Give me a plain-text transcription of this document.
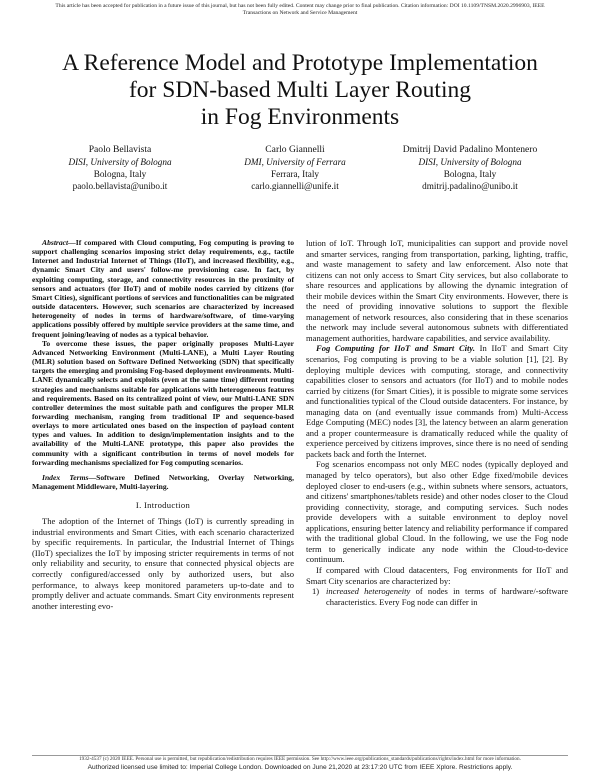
This article has been accepted for publication in a future issue of this journal, but has not been fully edited. Content may change prior to final publication. Citation information: DOI 10.1109/TNSM.2020.2996903, IEEE
Transactions on Network and Service Management
A Reference Model and Prototype Implementation
for SDN-based Multi Layer Routing
in Fog Environments
Paolo Bellavista
DISI, University of Bologna
Bologna, Italy
paolo.bellavista@unibo.it
Carlo Giannelli
DMI, University of Ferrara
Ferrara, Italy
carlo.giannelli@unife.it
Dmitrij David Padalino Montenero
DISI, University of Bologna
Bologna, Italy
dmitrij.padalino@unibo.it

Abstract—If compared with Cloud computing, Fog computing is proving to support challenging scenarios imposing strict delay requirements, e.g., tactile Internet and Industrial Internet of Things (IIoT), and increased flexibility, e.g., dynamic Smart City and users' follow-me provisioning case. In fact, by exploiting computing, storage, and connectivity resources in the proximity of sensors and actuators (for IIoT) and of mobile nodes carried by citizens (for Smart Cities), significant portions of services and functionalities can be migrated outside datacenters. However, such scenarios are characterized by increased heterogeneity of nodes in terms of hardware/software, of time-varying applications possibly offered by multiple service providers at the same time, and frequent joining/leaving of nodes as a typical behavior.

To overcome these issues, the paper originally proposes Multi-Layer Advanced Networking Environment (Multi-LANE), a Multi Layer Routing (MLR) solution based on Software Defined Networking (SDN) that specifically targets the emerging and promising Fog-based deployment environments. Multi-LANE dynamically selects and exploits (even at the same time) different routing strategies and mechanisms suitable for applications with heterogeneous features and requirements. Based on its centralized point of view, our Multi-LANE SDN controller determines the most suitable path and configures the proper MLR forwarding mechanism, ranging from traditional IP and sequence-based overlays to more articulated ones based on the inspection of payload content types and values. In addition to design/implementation insights and to the availability of the Multi-LANE prototype, this paper also provides the community with a significant contribution in terms of novel models for forwarding mechanisms specialized for Fog computing scenarios.

Index Terms—Software Defined Networking, Overlay Networking, Management Middleware, Multi-layering.

I. Introduction

The adoption of the Internet of Things (IoT) is currently spreading in industrial environments and Smart Cities, with each scenario characterized by specific requirements. In particular, the Industrial Internet of Things (IIoT) specializes the IoT by imposing stricter requirements in terms of not only reliability and security, to ensure that connected physical objects are correctly configured/accessed only by authorized users, but also performance, to always keep monitored parameters up-to-date and to promptly deliver and actuate commands. Smart City environments represent another interesting evo-

lution of IoT. Through IoT, municipalities can support and provide novel and smarter services, ranging from transportation, parking, lighting, traffic, and waste management to safety and law enforcement. Also note that citizens can not only access to Smart City services, but also collaborate to share resources and applications by allowing the dynamic integration of their mobile devices within the Smart City environments. However, there is the need of providing innovative solutions to support the flexible management of network resources, also considering that in these scenarios the network may include several autonomous subnets with differentiated management authorities, hardware capabilities, and service availability.

Fog Computing for IIoT and Smart City. In IIoT and Smart City scenarios, Fog computing is proving to be a viable solution [1], [2]. By deploying multiple devices with computing, storage, and connectivity capabilities closer to sensors and actuators (for IIoT) and to mobile nodes carried by citizens (for Smart Cities), it is possible to migrate some services and functionalities typical of the Cloud outside datacenters. For instance, by managing data on (and eventually issue commands from) Multi-Access Edge Computing (MEC) nodes [3], the latency between an alarm generation and a proper countermeasure is dramatically reduced while the quality of experience perceived by citizens improves, since there is no need of sending packets back and forth the Internet.

Fog scenarios encompass not only MEC nodes (typically deployed and managed by telco operators), but also other Edge fixed/mobile devices deployed closer to end-users (e.g., within subnets where sensors, actuators, and citizens' smartphones/tablets reside) and other nodes closer to the Cloud providing connectivity, storage, and computing services. Such nodes provide developers with a suitable environment to deploy novel applications, ensuring better latency and reliability performance if compared with the traditional global Cloud. In the following, we use the Fog node term to generically indicate any node within the Cloud-to-device continuum.

If compared with Cloud datacenters, Fog environments for IIoT and Smart City scenarios are characterized by:

1) increased heterogeneity of nodes in terms of hardware/-software characteristics. Every Fog node can differ in
1932-4537 (c) 2020 IEEE. Personal use is permitted, but republication/redistribution requires IEEE permission. See http://www.ieee.org/publications_standards/publications/rights/index.html for more information.
Authorized licensed use limited to: Imperial College London. Downloaded on June 21,2020 at 23:17:20 UTC from IEEE Xplore. Restrictions apply.
